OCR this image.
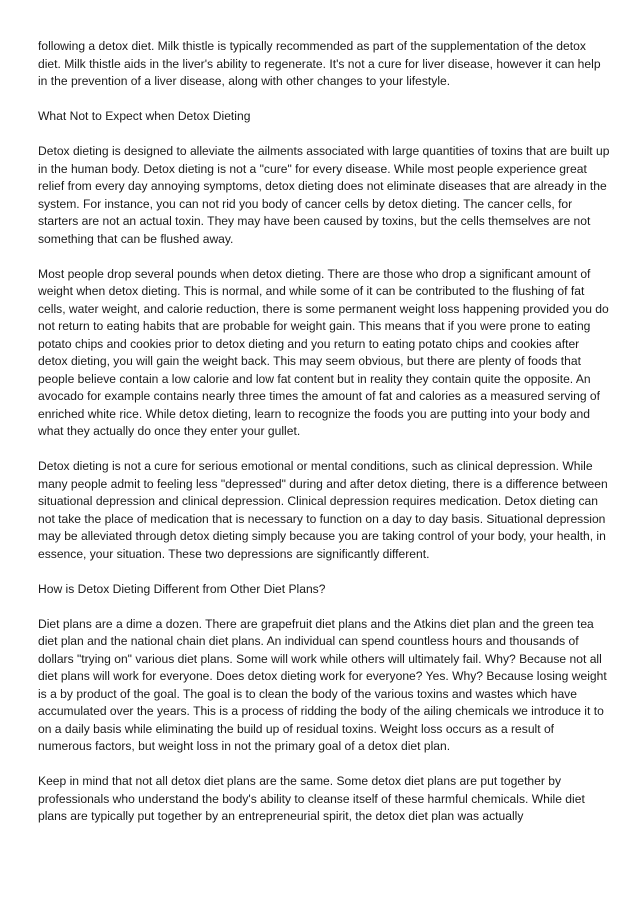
following a detox diet. Milk thistle is typically recommended as part of the supplementation of the detox diet. Milk thistle aids in the liver's ability to regenerate. It's not a cure for liver disease, however it can help in the prevention of a liver disease, along with other changes to your lifestyle.

What Not to Expect when Detox Dieting

Detox dieting is designed to alleviate the ailments associated with large quantities of toxins that are built up in the human body. Detox dieting is not a "cure" for every disease. While most people experience great relief from every day annoying symptoms, detox dieting does not eliminate diseases that are already in the system. For instance, you can not rid you body of cancer cells by detox dieting. The cancer cells, for starters are not an actual toxin. They may have been caused by toxins, but the cells themselves are not something that can be flushed away.

Most people drop several pounds when detox dieting. There are those who drop a significant amount of weight when detox dieting. This is normal, and while some of it can be contributed to the flushing of fat cells, water weight, and calorie reduction, there is some permanent weight loss happening provided you do not return to eating habits that are probable for weight gain. This means that if you were prone to eating potato chips and cookies prior to detox dieting and you return to eating potato chips and cookies after detox dieting, you will gain the weight back. This may seem obvious, but there are plenty of foods that people believe contain a low calorie and low fat content but in reality they contain quite the opposite. An avocado for example contains nearly three times the amount of fat and calories as a measured serving of enriched white rice. While detox dieting, learn to recognize the foods you are putting into your body and what they actually do once they enter your gullet.

Detox dieting is not a cure for serious emotional or mental conditions, such as clinical depression. While many people admit to feeling less "depressed" during and after detox dieting, there is a difference between situational depression and clinical depression. Clinical depression requires medication. Detox dieting can not take the place of medication that is necessary to function on a day to day basis. Situational depression may be alleviated through detox dieting simply because you are taking control of your body, your health, in essence, your situation. These two depressions are significantly different.

How is Detox Dieting Different from Other Diet Plans?

Diet plans are a dime a dozen. There are grapefruit diet plans and the Atkins diet plan and the green tea diet plan and the national chain diet plans. An individual can spend countless hours and thousands of dollars "trying on" various diet plans. Some will work while others will ultimately fail. Why? Because not all diet plans will work for everyone. Does detox dieting work for everyone? Yes. Why? Because losing weight is a by product of the goal. The goal is to clean the body of the various toxins and wastes which have accumulated over the years. This is a process of ridding the body of the ailing chemicals we introduce it to on a daily basis while eliminating the build up of residual toxins. Weight loss occurs as a result of numerous factors, but weight loss in not the primary goal of a detox diet plan.

Keep in mind that not all detox diet plans are the same. Some detox diet plans are put together by professionals who understand the body's ability to cleanse itself of these harmful chemicals. While diet plans are typically put together by an entrepreneurial spirit, the detox diet plan was actually
